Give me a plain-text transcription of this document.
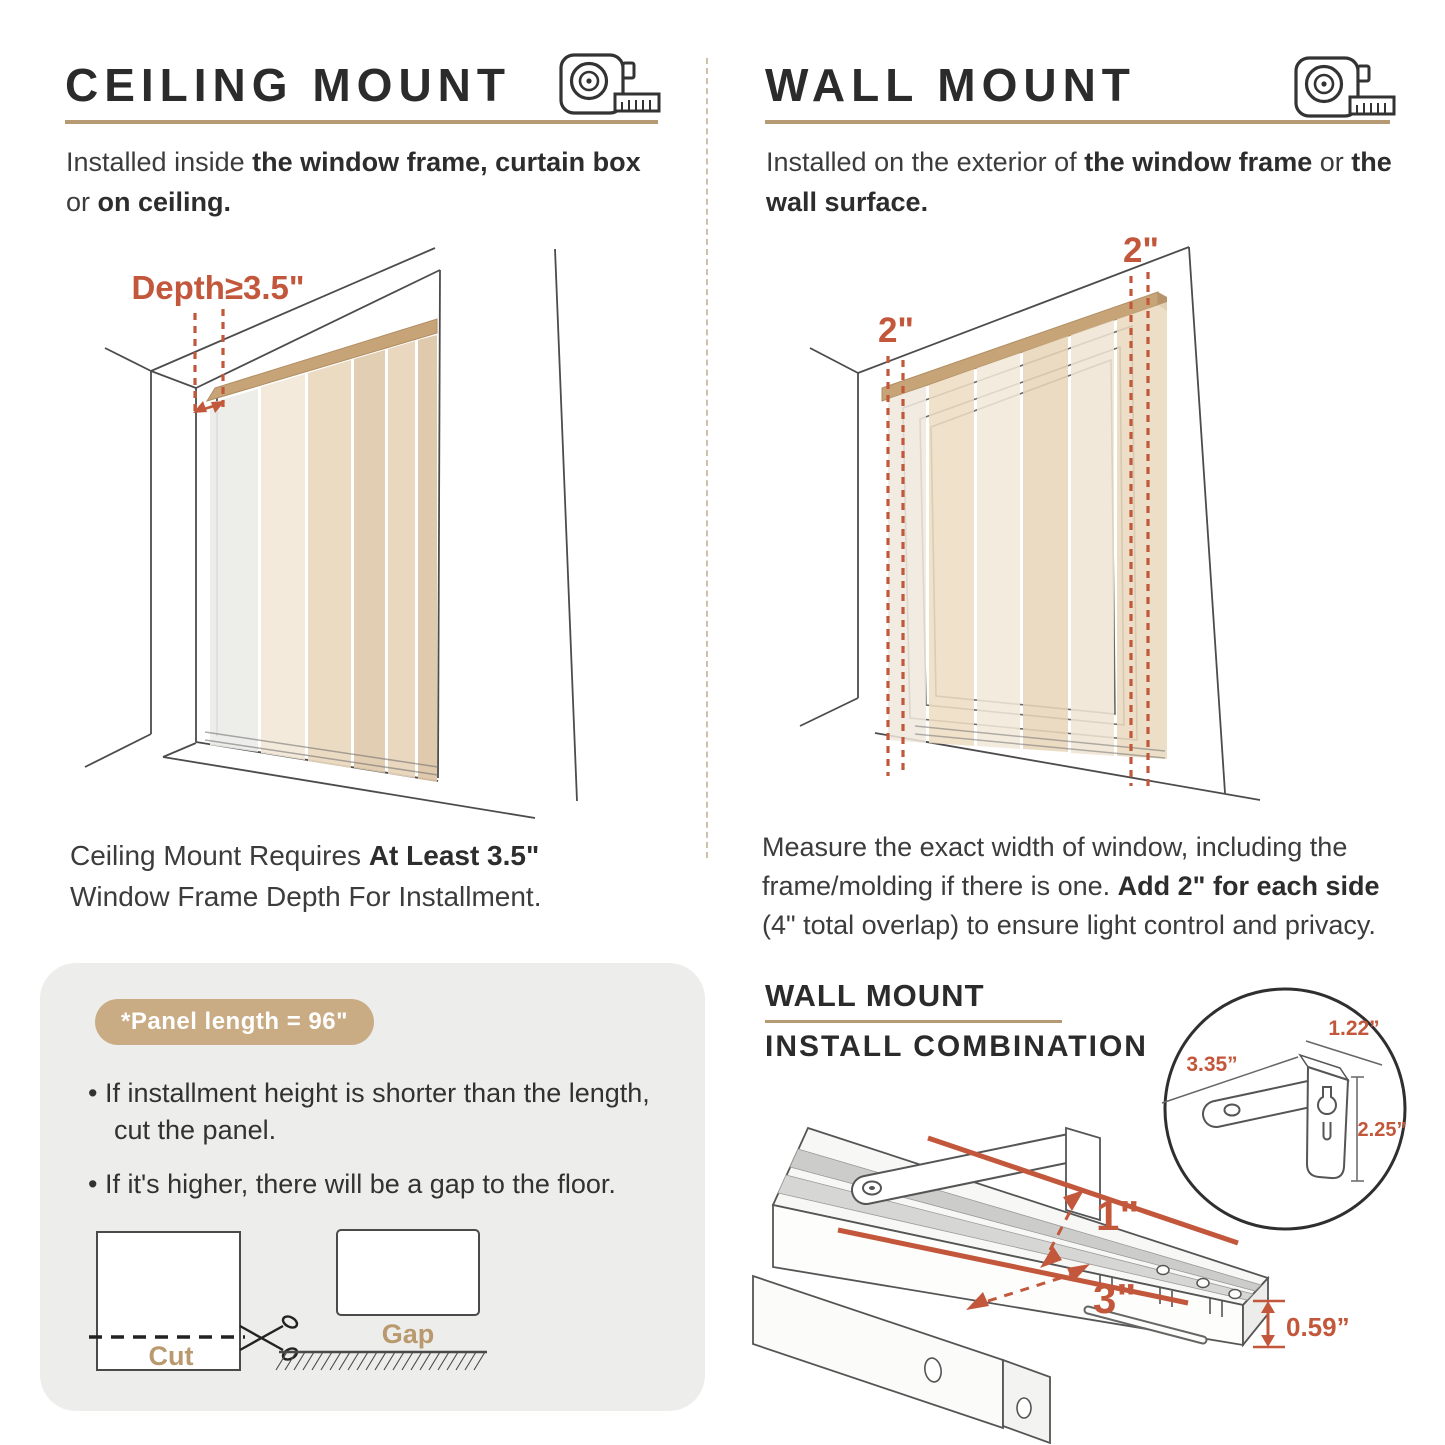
CEILING MOUNT
Installed inside the window frame, curtain box or on ceiling.
Depth≥3.5"
Ceiling Mount Requires At Least 3.5" Window Frame Depth For Installment.
*Panel length = 96"
• If installment height is shorter than the length, cut the panel.
• If it's higher, there will be a gap to the floor.
Cut
Gap
WALL MOUNT
Installed on the exterior of the window frame or the wall surface.
2"
2"
Measure the exact width of window, including the frame/molding if there is one. Add 2" for each side (4" total overlap) to ensure light control and privacy.
WALL MOUNT
INSTALL COMBINATION
1"
3"
0.59”
3.35”
1.22”
2.25”
